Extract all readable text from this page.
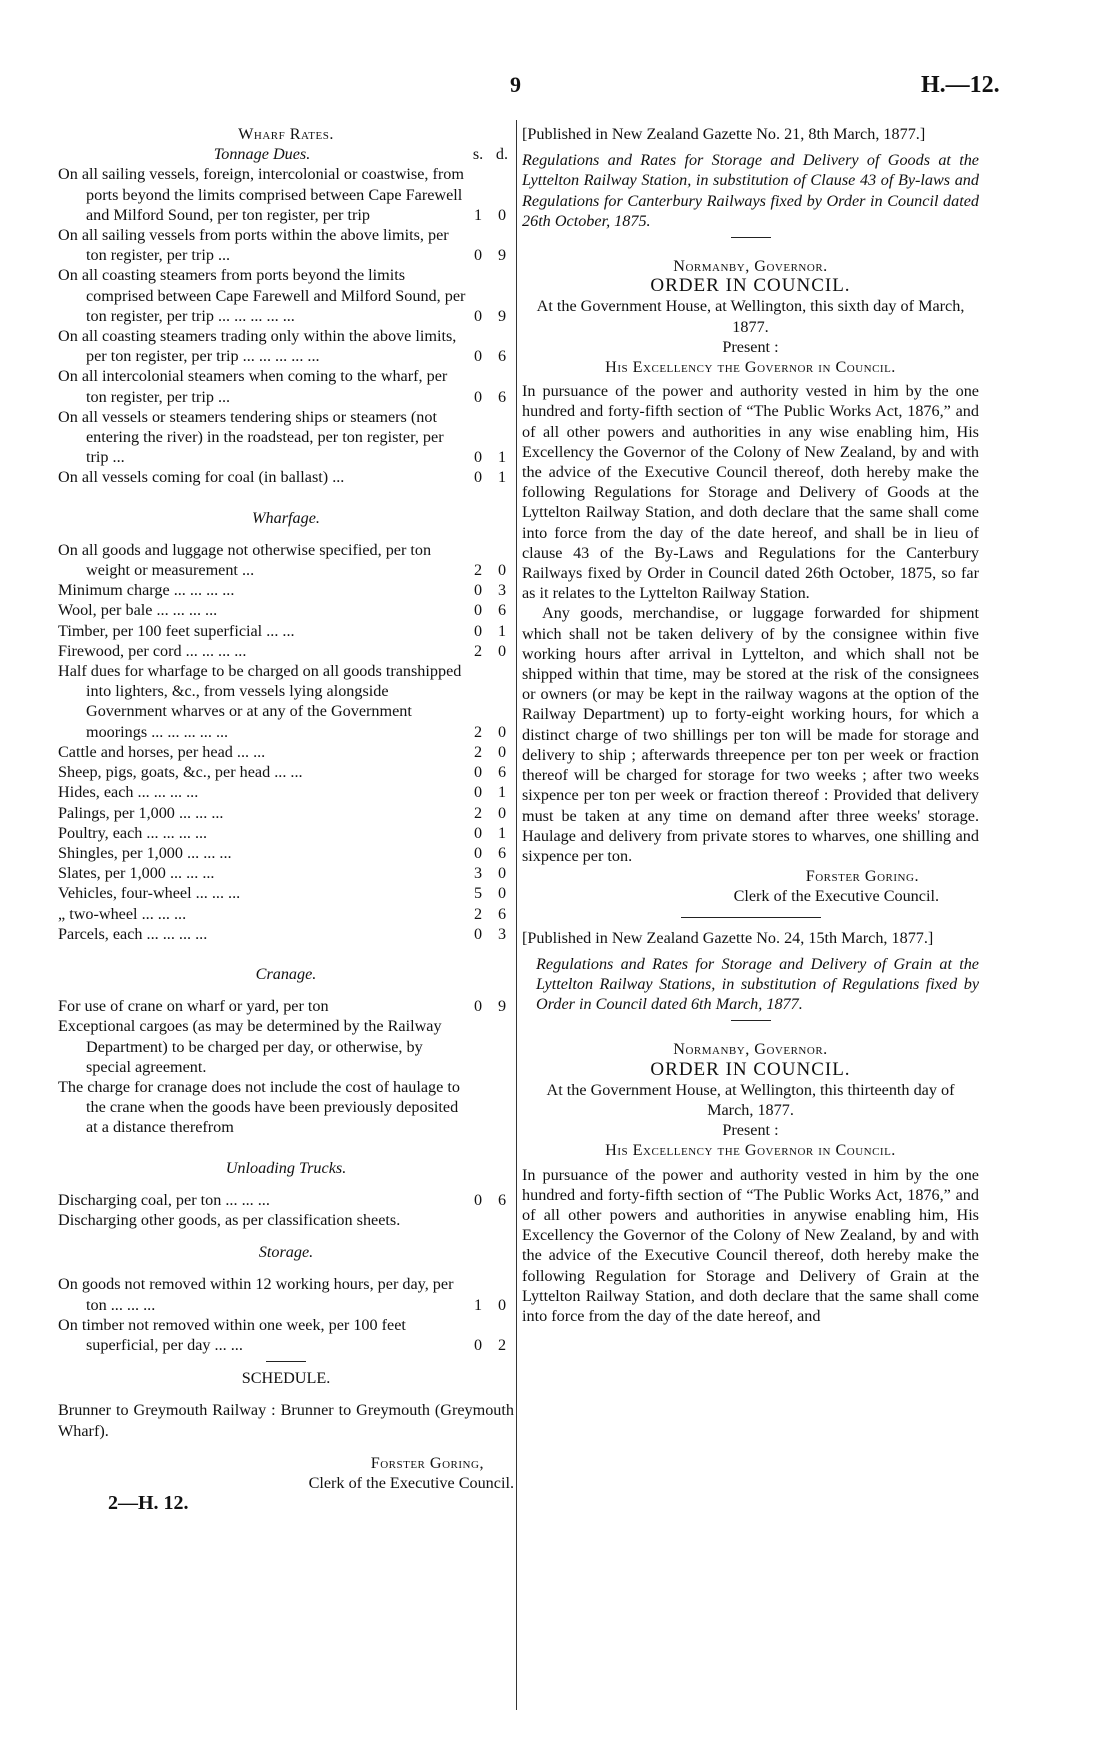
9	H.—12.
Wharf Rates.
Tonnage Dues.	s. d.
On all sailing vessels, foreign, intercolonial or coastwise, from ports beyond the limits comprised between Cape Farewell and Milford Sound, per ton register, per trip	1 0
On all sailing vessels from ports within the above limits, per ton register, per trip ...	0 9
On all coasting steamers from ports beyond the limits comprised between Cape Farewell and Milford Sound, per ton register, per trip ... ... ... ... ...	0 9
On all coasting steamers trading only within the above limits, per ton register, per trip ... ... ... ... ...	0 6
On all intercolonial steamers when coming to the wharf, per ton register, per trip ...	0 6
On all vessels or steamers tendering ships or steamers (not entering the river) in the roadstead, per ton register, per trip ...	0 1
On all vessels coming for coal (in ballast) ...	0 1
Wharfage.
On all goods and luggage not otherwise specified, per ton weight or measurement ...	2 0
Minimum charge ... ... ... ...	0 3
Wool, per bale ... ... ... ...	0 6
Timber, per 100 feet superficial ... ...	0 1
Firewood, per cord ... ... ... ...	2 0
Half dues for wharfage to be charged on all goods transhipped into lighters, &c., from vessels lying alongside Government wharves or at any of the Government moorings ... ... ... ... ...	2 0
Cattle and horses, per head ... ...	2 0
Sheep, pigs, goats, &c., per head ... ...	0 6
Hides, each ... ... ... ...	0 1
Palings, per 1,000 ... ... ...	2 0
Poultry, each ... ... ... ...	0 1
Shingles, per 1,000 ... ... ...	0 6
Slates, per 1,000 ... ... ...	3 0
Vehicles, four-wheel ... ... ...	5 0
„ two-wheel ... ... ...	2 6
Parcels, each ... ... ... ...	0 3
Cranage.
For use of crane on wharf or yard, per ton	0 9
Exceptional cargoes (as may be determined by the Railway Department) to be charged per day, or otherwise, by special agreement.
The charge for cranage does not include the cost of haulage to the crane when the goods have been previously deposited at a distance therefrom
Unloading Trucks.
Discharging coal, per ton ... ... ...	0 6
Discharging other goods, as per classification sheets.
Storage.
On goods not removed within 12 working hours, per day, per ton ... ... ...	1 0
On timber not removed within one week, per 100 feet superficial, per day ... ...	0 2
SCHEDULE.
Brunner to Greymouth Railway : Brunner to Greymouth (Greymouth Wharf).
Forster Goring,
Clerk of the Executive Council.
2—H. 12.
[Published in New Zealand Gazette No. 21, 8th March, 1877.]
Regulations and Rates for Storage and Delivery of Goods at the Lyttelton Railway Station, in substitution of Clause 43 of By-laws and Regulations for Canterbury Railways fixed by Order in Council dated 26th October, 1875.
Normanby, Governor.
ORDER IN COUNCIL.
At the Government House, at Wellington, this sixth day of March, 1877.
Present :
His Excellency the Governor in Council.
In pursuance of the power and authority vested in him by the one hundred and forty-fifth section of “The Public Works Act, 1876,” and of all other powers and authorities in any wise enabling him, His Excellency the Governor of the Colony of New Zealand, by and with the advice of the Executive Council thereof, doth hereby make the following Regulations for Storage and Delivery of Goods at the Lyttelton Railway Station, and doth declare that the same shall come into force from the day of the date hereof, and shall be in lieu of clause 43 of the By-Laws and Regulations for the Canterbury Railways fixed by Order in Council dated 26th October, 1875, so far as it relates to the Lyttelton Railway Station.
Any goods, merchandise, or luggage forwarded for shipment which shall not be taken delivery of by the consignee within five working hours after arrival in Lyttelton, and which shall not be shipped within that time, may be stored at the risk of the consignees or owners (or may be kept in the railway wagons at the option of the Railway Department) up to forty-eight working hours, for which a distinct charge of two shillings per ton will be made for storage and delivery to ship ; afterwards threepence per ton per week or fraction thereof will be charged for storage for two weeks ; after two weeks sixpence per ton per week or fraction thereof : Provided that delivery must be taken at any time on demand after three weeks' storage. Haulage and delivery from private stores to wharves, one shilling and sixpence per ton.
Forster Goring.
Clerk of the Executive Council.
[Published in New Zealand Gazette No. 24, 15th March, 1877.]
Regulations and Rates for Storage and Delivery of Grain at the Lyttelton Railway Stations, in substitution of Regulations fixed by Order in Council dated 6th March, 1877.
Normanby, Governor.
ORDER IN COUNCIL.
At the Government House, at Wellington, this thirteenth day of March, 1877.
Present :
His Excellency the Governor in Council.
In pursuance of the power and authority vested in him by the one hundred and forty-fifth section of “The Public Works Act, 1876,” and of all other powers and authorities in anywise enabling him, His Excellency the Governor of the Colony of New Zealand, by and with the advice of the Executive Council thereof, doth hereby make the following Regulation for Storage and Delivery of Grain at the Lyttelton Railway Station, and doth declare that the same shall come into force from the day of the date hereof, and
